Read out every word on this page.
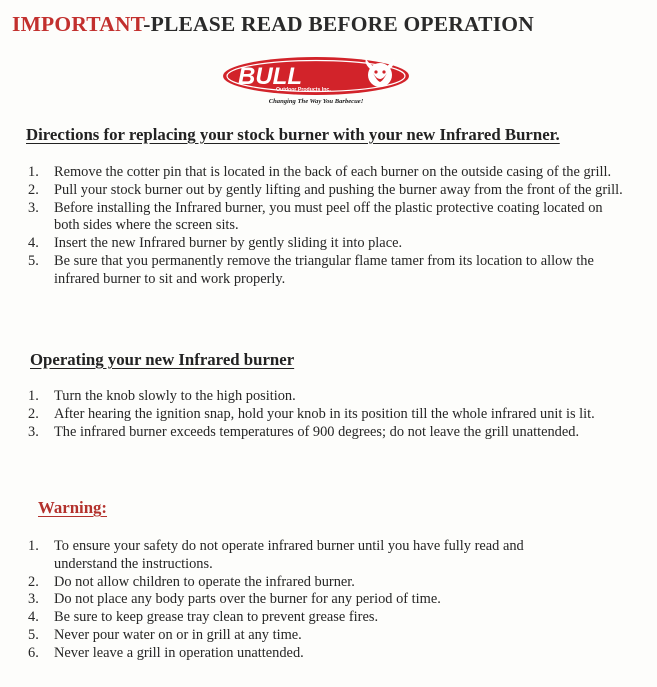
IMPORTANT-PLEASE READ BEFORE OPERATION
BULL
Outdoor Products Inc.
Changing The Way You Barbecue!
Directions for replacing your stock burner with your new Infrared Burner.
1. Remove the cotter pin that is located in the back of each burner on the outside casing of the grill.
2. Pull your stock burner out by gently lifting and pushing the burner away from the front of the grill.
3. Before installing the Infrared burner, you must peel off the plastic protective coating located on both sides where the screen sits.
4. Insert the new Infrared burner by gently sliding it into place.
5. Be sure that you permanently remove the triangular flame tamer from its location to allow the infrared burner to sit and work properly.
Operating your new Infrared burner
1. Turn the knob slowly to the high position.
2. After hearing the ignition snap, hold your knob in its position till the whole infrared unit is lit.
3. The infrared burner exceeds temperatures of 900 degrees; do not leave the grill unattended.
Warning:
1. To ensure your safety do not operate infrared burner until you have fully read and understand the instructions.
2. Do not allow children to operate the infrared burner.
3. Do not place any body parts over the burner for any period of time.
4. Be sure to keep grease tray clean to prevent grease fires.
5. Never pour water on or in grill at any time.
6. Never leave a grill in operation unattended.
